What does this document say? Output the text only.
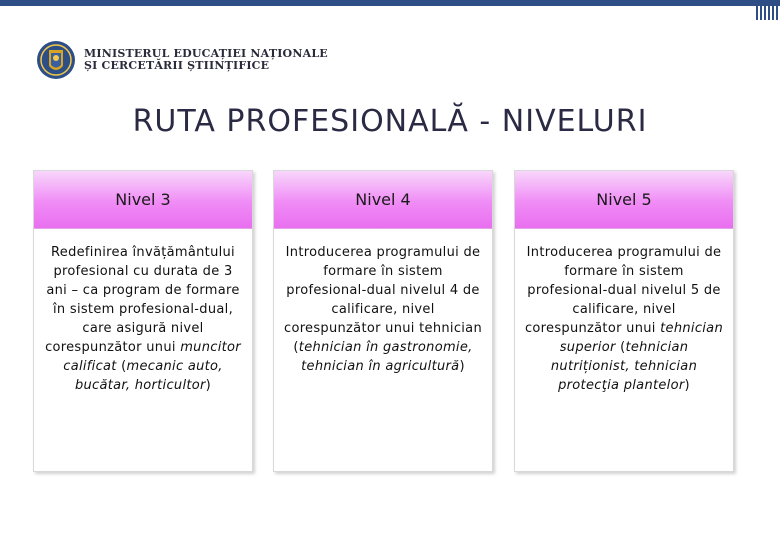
MINISTERUL EDUCAȚIEI NAȚIONALE
ȘI CERCETĂRII ȘTIINȚIFICE
RUTA PROFESIONALĂ - NIVELURI
Nivel 3

Redefinirea învățământului profesional cu durata de 3 ani – ca program de formare în sistem profesional-dual, care asigură nivel corespunzător unui muncitor calificat (mecanic auto, bucătar, horticultor)

Nivel 4

Introducerea programului de formare în sistem profesional-dual nivelul 4 de calificare, nivel corespunzător unui tehnician (tehnician în gastronomie, tehnician în agricultură)

Nivel 5

Introducerea programului de formare în sistem profesional-dual nivelul 5 de calificare, nivel corespunzător unui tehnician superior (tehnician nutriționist, tehnician protecţia plantelor)
